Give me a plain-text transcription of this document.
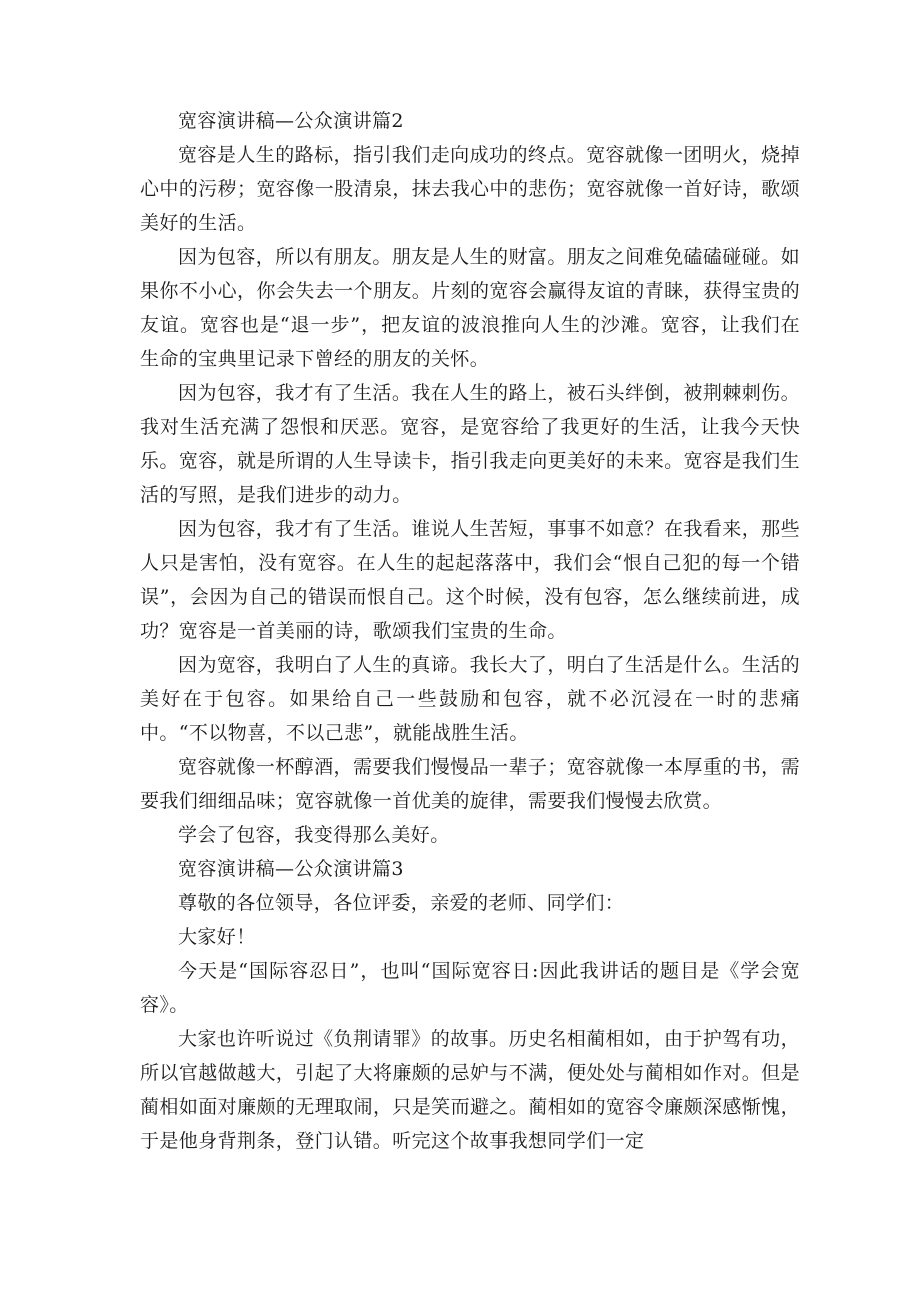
宽容演讲稿—公众演讲篇2

宽容是人生的路标，指引我们走向成功的终点。宽容就像一团明火，烧掉心中的污秽；宽容像一股清泉，抹去我心中的悲伤；宽容就像一首好诗，歌颂美好的生活。

因为包容，所以有朋友。朋友是人生的财富。朋友之间难免磕磕碰碰。如果你不小心，你会失去一个朋友。片刻的宽容会赢得友谊的青睐，获得宝贵的友谊。宽容也是“退一步”，把友谊的波浪推向人生的沙滩。宽容，让我们在生命的宝典里记录下曾经的朋友的关怀。

因为包容，我才有了生活。我在人生的路上，被石头绊倒，被荆棘刺伤。我对生活充满了怨恨和厌恶。宽容，是宽容给了我更好的生活，让我今天快乐。宽容，就是所谓的人生导读卡，指引我走向更美好的未来。宽容是我们生活的写照，是我们进步的动力。

因为包容，我才有了生活。谁说人生苦短，事事不如意？在我看来，那些人只是害怕，没有宽容。在人生的起起落落中，我们会“恨自己犯的每一个错误”，会因为自己的错误而恨自己。这个时候，没有包容，怎么继续前进，成功？宽容是一首美丽的诗，歌颂我们宝贵的生命。

因为宽容，我明白了人生的真谛。我长大了，明白了生活是什么。生活的美好在于包容。如果给自己一些鼓励和包容，就不必沉浸在一时的悲痛中。“不以物喜，不以己悲”，就能战胜生活。

宽容就像一杯醇酒，需要我们慢慢品一辈子；宽容就像一本厚重的书，需要我们细细品味；宽容就像一首优美的旋律，需要我们慢慢去欣赏。

学会了包容，我变得那么美好。

宽容演讲稿—公众演讲篇3

尊敬的各位领导，各位评委，亲爱的老师、同学们：

大家好！

今天是“国际容忍日”，也叫“国际宽容日:因此我讲话的题目是《学会宽容》。

大家也许听说过《负荆请罪》的故事。历史名相蔺相如，由于护驾有功，所以官越做越大，引起了大将廉颇的忌妒与不满，便处处与蔺相如作对。但是蔺相如面对廉颇的无理取闹，只是笑而避之。蔺相如的宽容令廉颇深感惭愧，于是他身背荆条，登门认错。听完这个故事我想同学们一定
